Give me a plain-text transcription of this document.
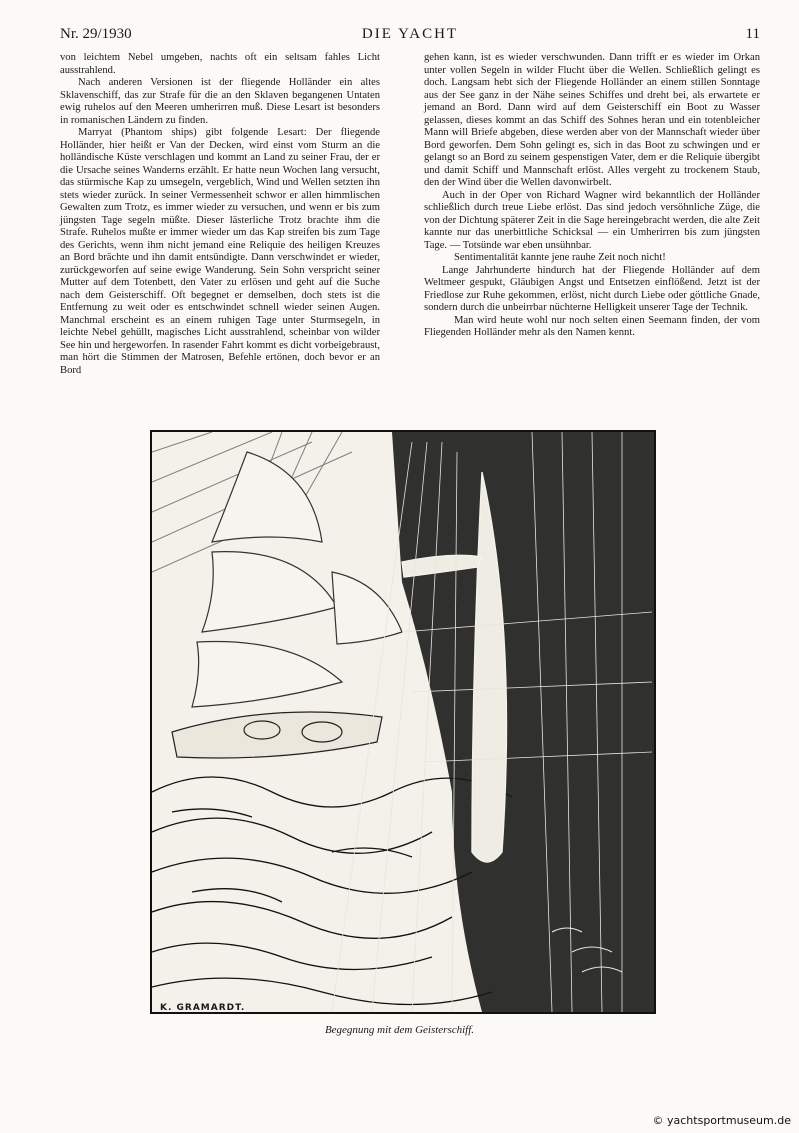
Nr. 29/1930	DIE YACHT	11

von leichtem Nebel umgeben, nachts oft ein seltsam fahles Licht ausstrahlend.

Nach anderen Versionen ist der fliegende Holländer ein altes Sklavenschiff, das zur Strafe für die an den Sklaven begangenen Untaten ewig ruhelos auf den Meeren umherirren muß. Diese Lesart ist besonders in romanischen Ländern zu finden.

Marryat (Phantom ships) gibt folgende Lesart: Der fliegende Holländer, hier heißt er Van der Decken, wird einst vom Sturm an die holländische Küste verschlagen und kommt an Land zu seiner Frau, der er die Ursache seines Wanderns erzählt. Er hatte neun Wochen lang versucht, das stürmische Kap zu umsegeln, vergeblich, Wind und Wellen setzten ihn stets wieder zurück. In seiner Vermessenheit schwor er allen himmlischen Gewalten zum Trotz, es immer wieder zu versuchen, und wenn er bis zum jüngsten Tage segeln müßte. Dieser lästerliche Trotz brachte ihm die Strafe. Ruhelos mußte er immer wieder um das Kap streifen bis zum Tage des Gerichts, wenn ihm nicht jemand eine Reliquie des heiligen Kreuzes an Bord brächte und ihn damit entsündigte. Dann verschwindet er wieder, zurückgeworfen auf seine ewige Wanderung. Sein Sohn verspricht seiner Mutter auf dem Totenbett, den Vater zu erlösen und geht auf die Suche nach dem Geisterschiff. Oft begegnet er demselben, doch stets ist die Entfernung zu weit oder es entschwindet schnell wieder seinen Augen. Manchmal erscheint es an einem ruhigen Tage unter Sturmsegeln, in leichte Nebel gehüllt, magisches Licht ausstrahlend, scheinbar von wilder See hin und hergeworfen. In rasender Fahrt kommt es dicht vorbeigebraust, man hört die Stimmen der Matrosen, Befehle ertönen, doch bevor er an Bord

gehen kann, ist es wieder verschwunden. Dann trifft er es wieder im Orkan unter vollen Segeln in wilder Flucht über die Wellen. Schließlich gelingt es doch. Langsam hebt sich der Fliegende Holländer an einem stillen Sonntage aus der See ganz in der Nähe seines Schiffes und dreht bei, als erwartete er jemand an Bord. Dann wird auf dem Geisterschiff ein Boot zu Wasser gelassen, dieses kommt an das Schiff des Sohnes heran und ein totenbleicher Mann will Briefe abgeben, diese werden aber von der Mannschaft wieder über Bord geworfen. Dem Sohn gelingt es, sich in das Boot zu schwingen und er gelangt so an Bord zu seinem gespenstigen Vater, dem er die Reliquie übergibt und damit Schiff und Mannschaft erlöst. Alles vergeht zu trockenem Staub, den der Wind über die Wellen davonwirbelt.

Auch in der Oper von Richard Wagner wird bekanntlich der Holländer schließlich durch treue Liebe erlöst. Das sind jedoch versöhnliche Züge, die von der Dichtung späterer Zeit in die Sage hereingebracht werden, die alte Zeit kannte nur das unerbittliche Schicksal — ein Umherirren bis zum jüngsten Tage. — Totsünde war eben unsühnbar.

Sentimentalität kannte jene rauhe Zeit noch nicht!

Lange Jahrhunderte hindurch hat der Fliegende Holländer auf dem Weltmeer gespukt, Gläubigen Angst und Entsetzen einflößend. Jetzt ist der Friedlose zur Ruhe gekommen, erlöst, nicht durch Liebe oder göttliche Gnade, sondern durch die unbeirrbar nüchterne Helligkeit unserer Tage der Technik.

Man wird heute wohl nur noch selten einen Seemann finden, der vom Fliegenden Holländer mehr als den Namen kennt.

K. GRAMARDT.
Begegnung mit dem Geisterschiff.
© yachtsportmuseum.de
